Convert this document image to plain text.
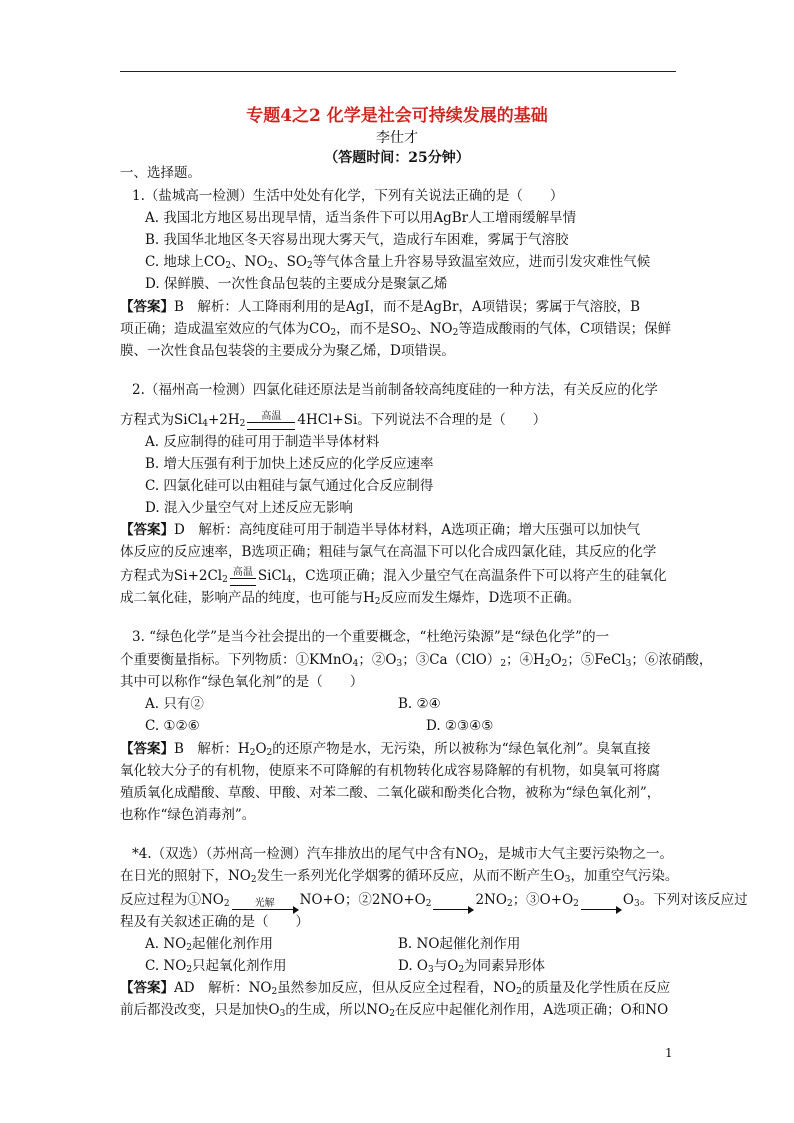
专题4之2 化学是社会可持续发展的基础
李仕才
（答题时间：25分钟）
一、选择题。
1.（盐城高一检测）生活中处处有化学，下列有关说法正确的是（　　）
A. 我国北方地区易出现旱情，适当条件下可以用AgBr人工增雨缓解旱情
B. 我国华北地区冬天容易出现大雾天气，造成行车困难，雾属于气溶胶
C. 地球上$CO_2$、$NO_2$、$SO_2$等气体含量上升容易导致温室效应，进而引发灾难性气候
D. 保鲜膜、一次性食品包装的主要成分是聚氯乙烯
【答案】B　解析：人工降雨利用的是AgI，而不是AgBr，A项错误；雾属于气溶胶，B
项正确；造成温室效应的气体为$CO_2$，而不是$SO_2$、$NO_2$等造成酸雨的气体，C项错误；保鲜
膜、一次性食品包装袋的主要成分为聚乙烯，D项错误。
2.（福州高一检测）四氯化硅还原法是当前制备较高纯度硅的一种方法，有关反应的化学
方程式为$SiCl_4+2H_2$
高温	4HCl+Si。下列说法不合理的是（　　）
A. 反应制得的硅可用于制造半导体材料
B. 增大压强有利于加快上述反应的化学反应速率
C. 四氯化硅可以由粗硅与氯气通过化合反应制得
D. 混入少量空气对上述反应无影响
【答案】D　解析：高纯度硅可用于制造半导体材料，A选项正确；增大压强可以加快气
体反应的反应速率，B选项正确；粗硅与氯气在高温下可以化合成四氯化硅，其反应的化学
方程式为$Si+2Cl_2$
高温 SiCl$_4$，C选项正确；混入少量空气在高温条件下可以将产生的硅氧化
成二氧化硅，影响产品的纯度，也可能与$H_2$反应而发生爆炸，D选项不正确。
3. “绿色化学”是当今社会提出的一个重要概念，“杜绝污染源”是“绿色化学”的一
个重要衡量指标。下列物质：①KMnO$_4$；$②O_3$；$③Ca(ClO)_2$；$④H_2O_2$；⑤FeCl$_3$；⑥浓硝酸，
其中可以称作“绿色氧化剂”的是（　　）
A. 只有②	B. ②④
C. ①②⑥	D. ②③④⑤
【答案】B　解析：$H_2O_2$的还原产物是水，无污染，所以被称为“绿色氧化剂”。臭氧直接
氧化较大分子的有机物，使原来不可降解的有机物转化成容易降解的有机物，如臭氧可将腐
殖质氧化成醋酸、草酸、甲酸、对苯二酸、二氧化碳和酚类化合物，被称为“绿色氧化剂”，
也称作“绿色消毒剂”。
*4.（双选）（苏州高一检测）汽车排放出的尾气中含有$NO_2$，是城市大气主要污染物之一。
在日光的照射下，$NO_2$发生一系列光化学烟雾的循环反应，从而不断产生$O_3$，加重空气污染。
反应过程为$①NO_2$	光解	NO+O；$②2NO+O_2$
	$2NO_2$；$③O+O_2$
	$O_3$。下列对该反应过
程及有关叙述正确的是（　　）
A. $NO_2$起催化剂作用	B. NO起催化剂作用
C. $NO_2$只起氧化剂作用	D. $O_3$与$O_2$为同素异形体
【答案】AD　解析：$NO_2$虽然参加反应，但从反应全过程看，$NO_2$的质量及化学性质在反应
前后都没改变，只是加快$O_3$的生成，所以$NO_2$在反应中起催化剂作用，A选项正确；O和NO
1
